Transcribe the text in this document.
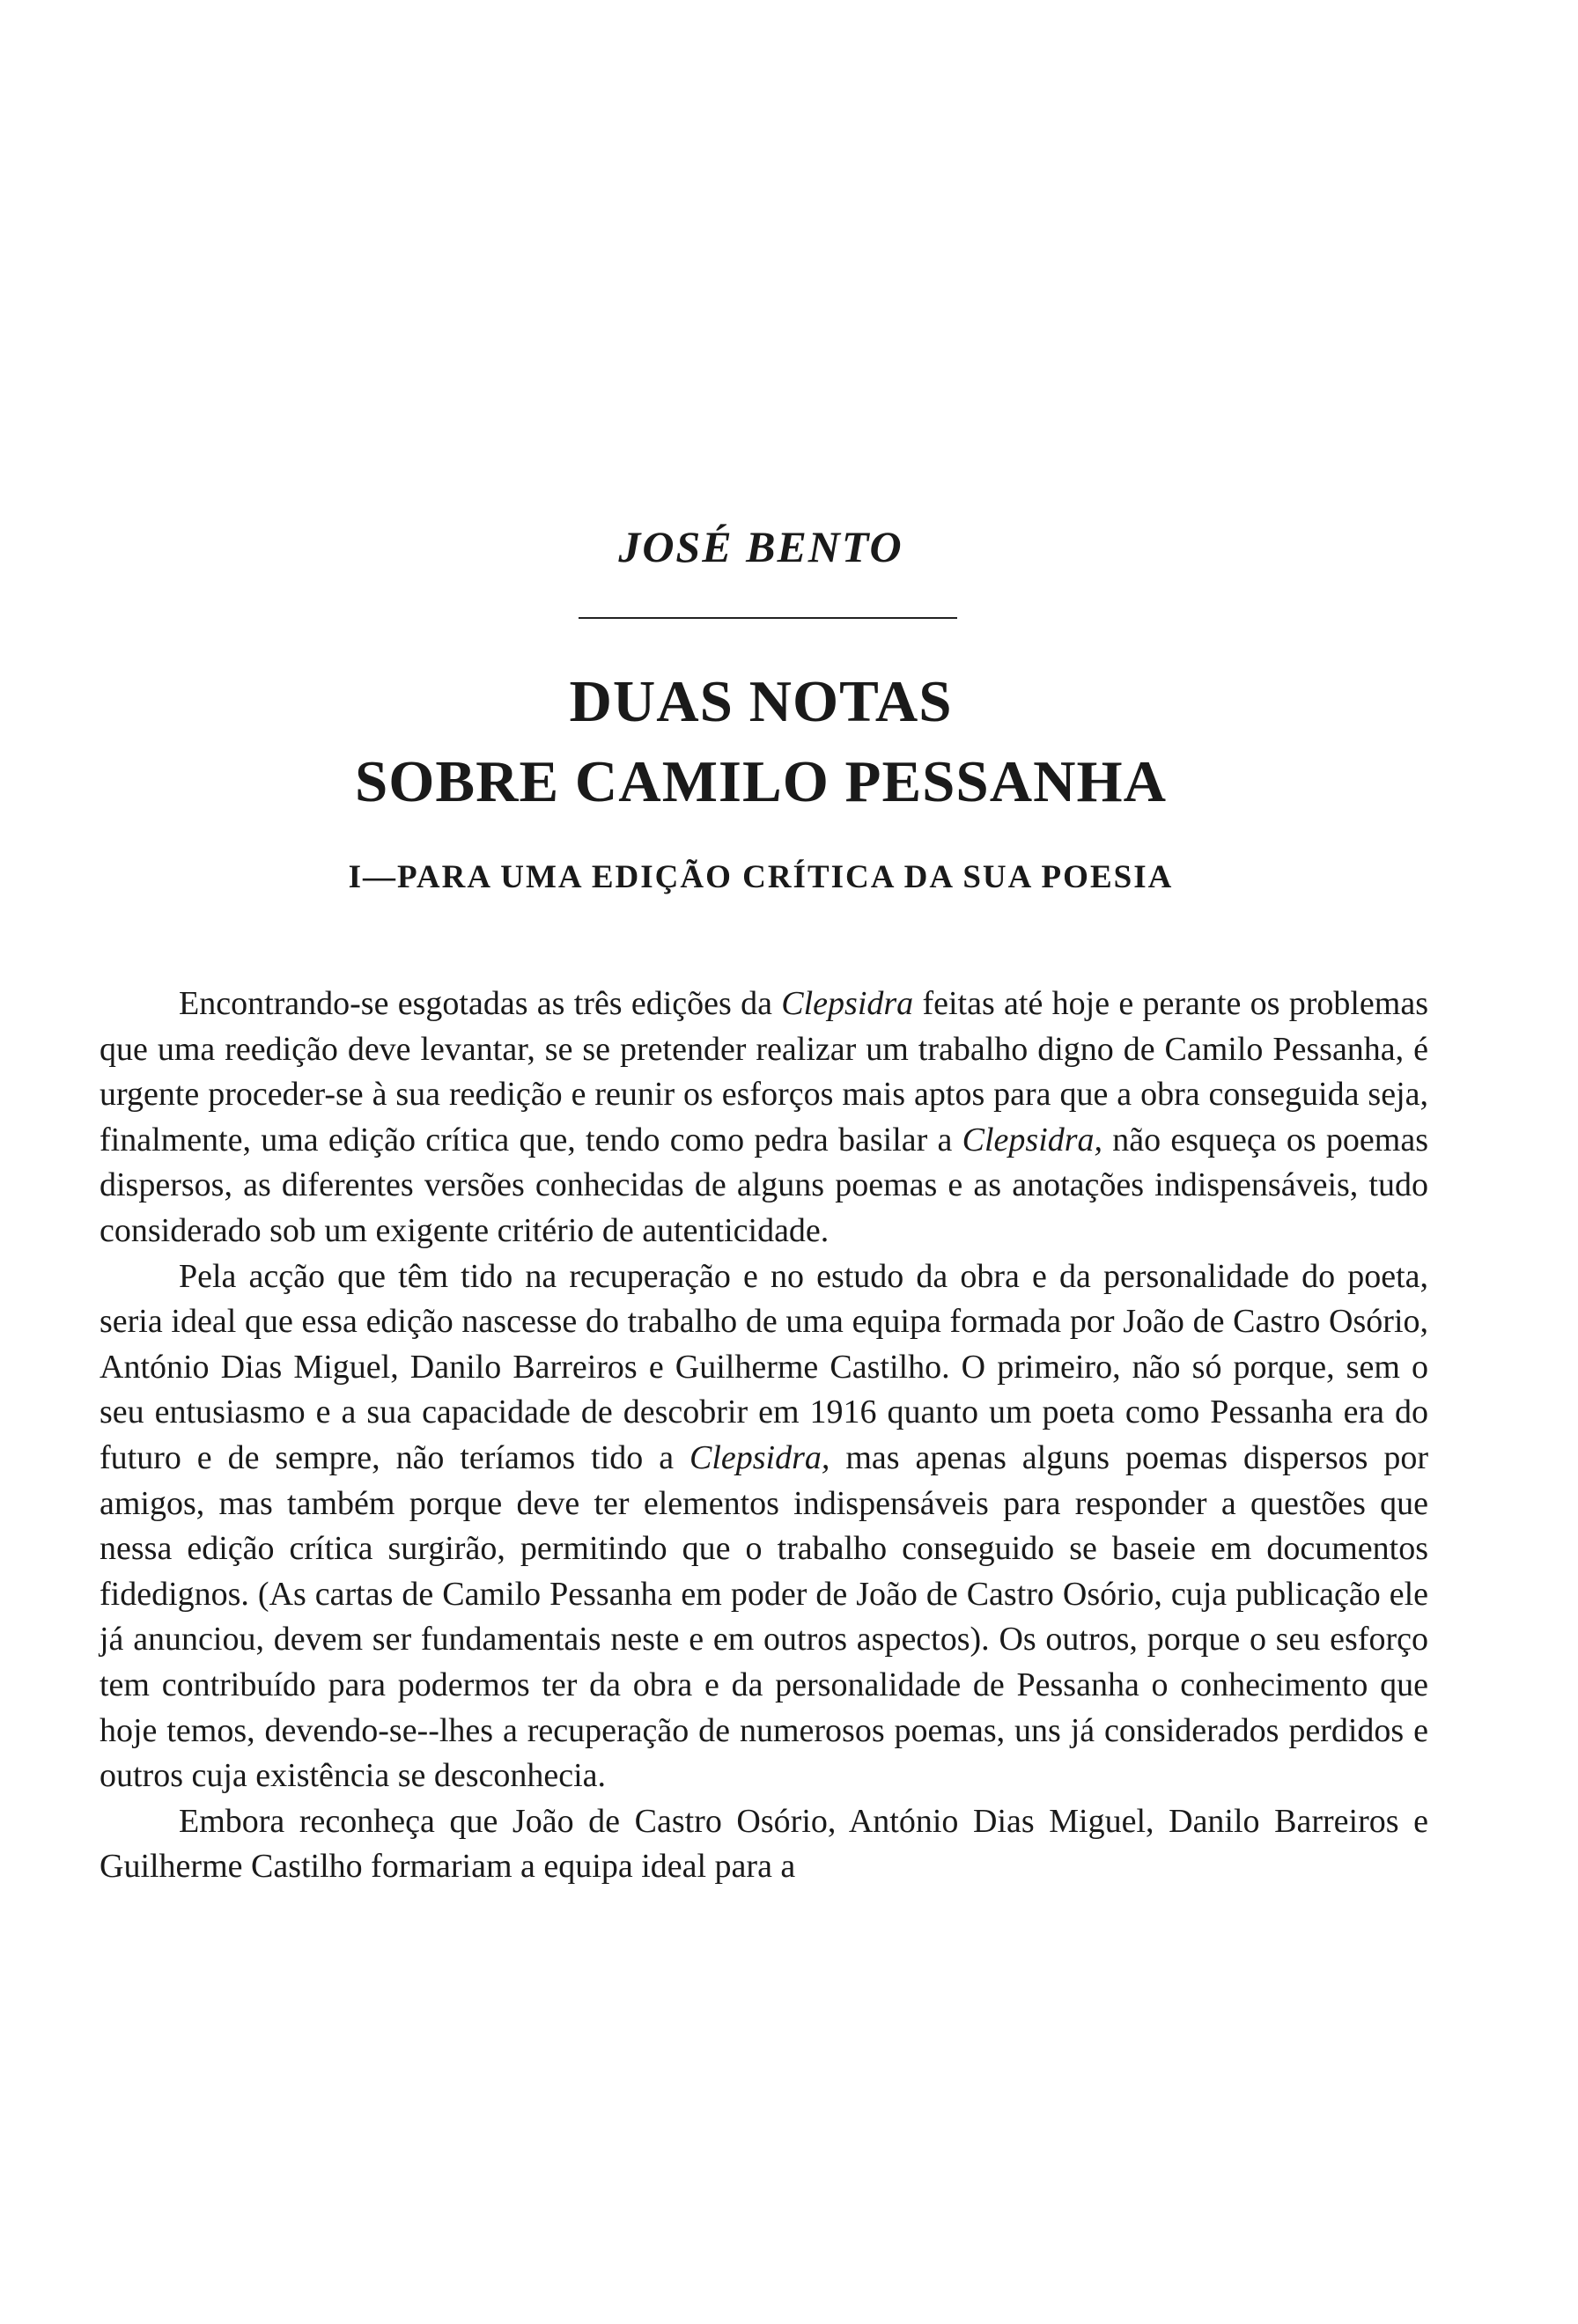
JOSÉ BENTO
DUAS NOTAS
SOBRE CAMILO PESSANHA
I—PARA UMA EDIÇÃO CRÍTICA DA SUA POESIA

Encontrando-se esgotadas as três edições da Clepsidra feitas até hoje e perante os problemas que uma reedição deve levantar, se se pretender realizar um trabalho digno de Camilo Pessanha, é urgente proceder-se à sua reedição e reunir os esforços mais aptos para que a obra conseguida seja, finalmente, uma edição crítica que, tendo como pedra basilar a Clepsidra, não esqueça os poemas dispersos, as diferentes versões conhecidas de alguns poemas e as anotações indispensáveis, tudo considerado sob um exigente critério de autenticidade.

Pela acção que têm tido na recuperação e no estudo da obra e da personalidade do poeta, seria ideal que essa edição nascesse do trabalho de uma equipa formada por João de Castro Osório, António Dias Miguel, Danilo Barreiros e Guilherme Castilho. O primeiro, não só porque, sem o seu entusiasmo e a sua capacidade de descobrir em 1916 quanto um poeta como Pessanha era do futuro e de sempre, não teríamos tido a Clepsidra, mas apenas alguns poemas dispersos por amigos, mas também porque deve ter elementos indispensáveis para responder a questões que nessa edição crítica surgirão, permitindo que o trabalho conseguido se baseie em documentos fidedignos. (As cartas de Camilo Pessanha em poder de João de Castro Osório, cuja publicação ele já anunciou, devem ser fundamentais neste e em outros aspectos). Os outros, porque o seu esforço tem contribuído para podermos ter da obra e da personalidade de Pessanha o conhecimento que hoje temos, devendo-se--lhes a recuperação de numerosos poemas, uns já considerados perdidos e outros cuja existência se desconhecia.

Embora reconheça que João de Castro Osório, António Dias Miguel, Danilo Barreiros e Guilherme Castilho formariam a equipa ideal para a
